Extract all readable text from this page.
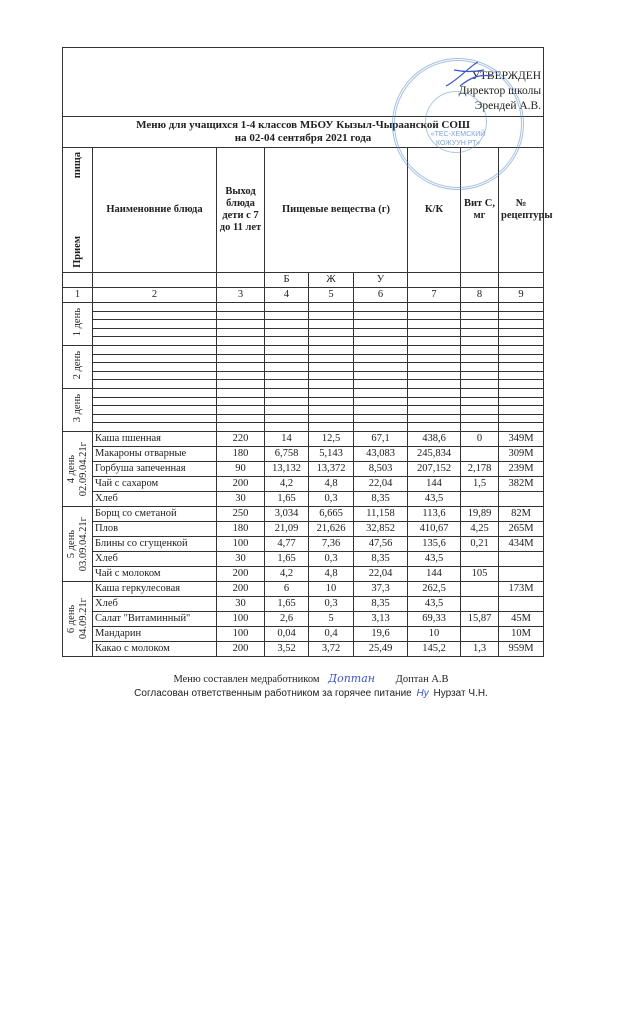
УТВЕРЖДЕН
Директор школы
Эрендей А.В.								

Меню для учащихся 1-4 классов МБОУ Кызыл-Чыраанской СОШ
на 02-04 сентября 2021 года								

пища
Прием	Наименовние блюда	Выход блюда дети с 7 до 11 лет	Пищевые вещества (г)			К/К	Вит С, мг	№ рецептуры
			Б	Ж	У			
1	2	3	4	5	6	7	8	9
1 день								

2 день								

3 день								

4 день 02.09.04.21г	Каша пшенная	220	14	12,5	67,1	438,6	0	349М
	Макароны отварные	180	6,758	5,143	43,083	245,834		309М
	Горбуша запеченная	90	13,132	13,372	8,503	207,152	2,178	239М
	Чай с сахаром	200	4,2	4,8	22,04	144	1,5	382М
	Хлеб	30	1,65	0,3	8,35	43,5		

5 день 03.09.04.21г	Борщ со сметаной	250	3,034	6,665	11,158	113,6	19,89	82М
	Плов	180	21,09	21,626	32,852	410,67	4,25	265М
	Блины со сгущенкой	100	4,77	7,36	47,56	135,6	0,21	434М
	Хлеб	30	1,65	0,3	8,35	43,5		
	Чай с молоком	200	4,2	4,8	22,04	144	105	

6 день 04.09.21г	Каша геркулесовая	200	6	10	37,3	262,5		173М
	Хлеб	30	1,65	0,3	8,35	43,5		
	Салат "Витаминный"	100	2,6	5	3,13	69,33	15,87	45М
	Мандарин	100	0,04	0,4	19,6	10		10М
	Какао с молоком	200	3,52	3,72	25,49	145,2	1,3	959М
«ТЕС-ХЕМСКИЙ
КОЖУУН РТ»
Меню составлен медработником Доnтан Доптан А.В
Согласован ответственным работником за горячее питание Ну Нурзат Ч.Н.
